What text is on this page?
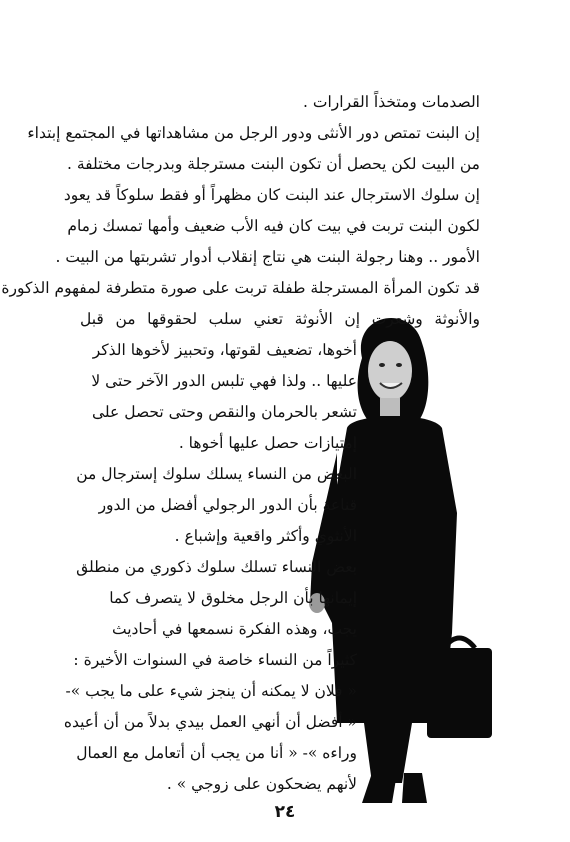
الصدمات ومتخذاً القرارات .
إن البنت تمتص دور الأنثى ودور الرجل من مشاهداتها في المجتمع إبتداء
من البيت لكن يحصل أن تكون البنت مسترجلة وبدرجات مختلفة .
إن سلوك الاسترجال عند البنت كان مظهراً أو فقط سلوكاً قد يعود
لكون البنت تربت في بيت كان فيه الأب ضعيف وأمها تمسك زمام
الأمور .. وهنا رجولة البنت هي نتاج إنقلاب أدوار تشربتها من البيت .
قد تكون المرأة المسترجلة طفلة تربت على صورة متطرفة لمفهوم الذكورة
والأنوثة وشعرت إن الأنوثة تعني سلب لحقوقها من قبل
أخوها، تضعيف لقوتها، وتحبيز لأخوها الذكر
عليها .. ولذا فهي تلبس الدور الآخر حتى لا
تشعر بالحرمان والنقص وحتى تحصل على
إمتيازات حصل عليها أخوها .
البعض من النساء يسلك سلوك إسترجال من
قناعة بأن الدور الرجولي أفضل من الدور
الأنثوي وأكثر واقعية وإشباع .
بعض النساء تسلك سلوك ذكوري من منطلق
إيمانها بأن الرجل مخلوق لا يتصرف كما
يجب، وهذه الفكرة نسمعها في أحاديث
كثيراً من النساء خاصة في السنوات الأخيرة :
« فلان لا يمكنه أن ينجز شيء على ما يجب »-
« أفضل أن أنهي العمل بيدي بدلاً من أن أعيده
وراءه »- « أنا من يجب أن أتعامل مع العمال
لأنهم يضحكون على زوجي » .
٢٤
